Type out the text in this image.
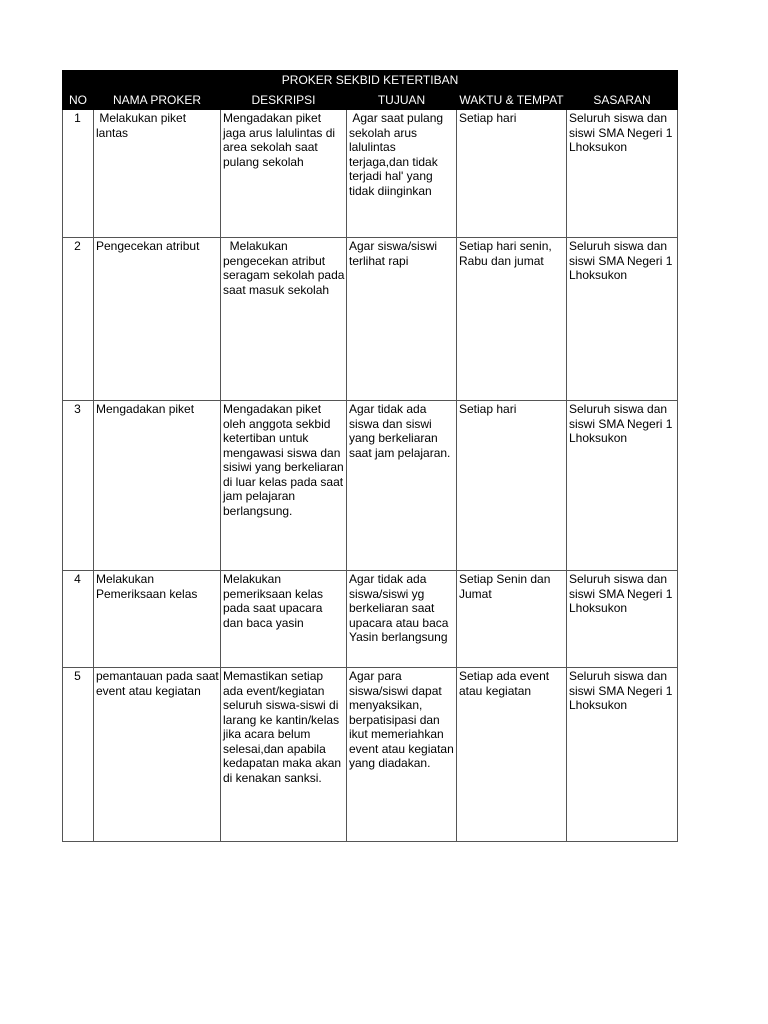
PROKER SEKBID KETERTIBAN					
NO	NAMA PROKER	DESKRIPSI	TUJUAN	WAKTU & TEMPAT	SASARAN
1	Melakukan piket lantas	Mengadakan piket jaga arus lalulintas di area sekolah saat pulang sekolah	Agar saat pulang sekolah arus lalulintas terjaga,dan tidak terjadi hal' yang tidak diinginkan	Setiap hari	Seluruh siswa dan siswi SMA Negeri 1 Lhoksukon
2	Pengecekan atribut	Melakukan pengecekan atribut seragam sekolah pada saat masuk sekolah	Agar siswa/siswi terlihat rapi	Setiap hari senin, Rabu dan jumat	Seluruh siswa dan siswi SMA Negeri 1 Lhoksukon
3	Mengadakan piket	Mengadakan piket oleh anggota sekbid ketertiban untuk mengawasi siswa dan sisiwi yang berkeliaran di luar kelas pada saat jam pelajaran berlangsung.	Agar tidak ada siswa dan siswi yang berkeliaran saat jam pelajaran.	Setiap hari	Seluruh siswa dan siswi SMA Negeri 1 Lhoksukon
4	Melakukan Pemeriksaan kelas	Melakukan pemeriksaan kelas pada saat upacara dan baca yasin	Agar tidak ada siswa/siswi yg berkeliaran saat upacara atau baca Yasin berlangsung	Setiap Senin dan Jumat	Seluruh siswa dan siswi SMA Negeri 1 Lhoksukon
5	pemantauan pada saat event atau kegiatan	Memastikan setiap ada event/kegiatan seluruh siswa-siswi di larang ke kantin/kelas jika acara belum selesai,dan apabila kedapatan maka akan di kenakan sanksi.	Agar para siswa/siswi dapat menyaksikan, berpatisipasi dan ikut memeriahkan event atau kegiatan yang diadakan.	Setiap ada event atau kegiatan	Seluruh siswa dan siswi SMA Negeri 1 Lhoksukon
